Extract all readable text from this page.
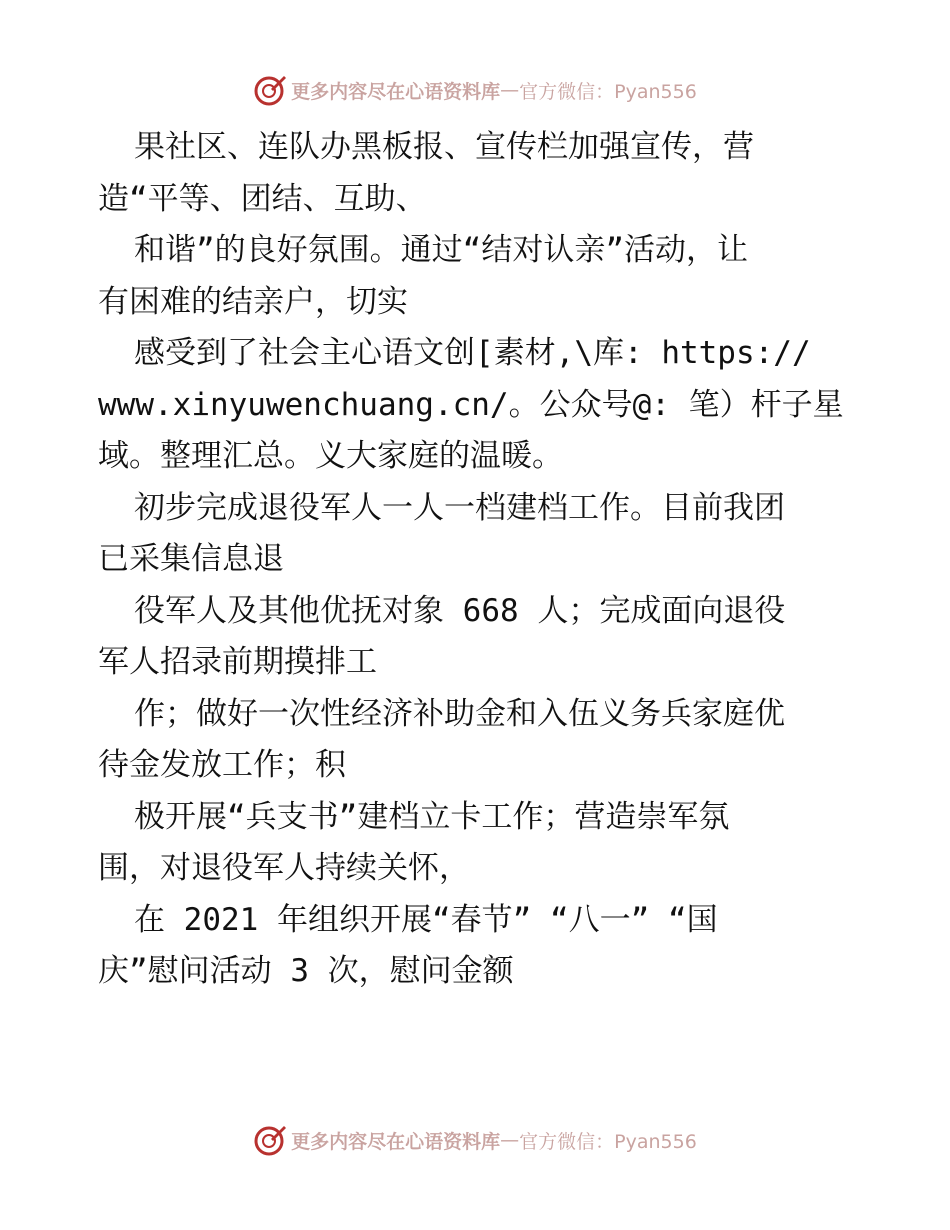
更多内容尽在心语资料库 — 官方微信：Pyan556
果社区、连队办黑板报、宣传栏加强宣传，营
造“平等、团结、互助、
和谐”的良好氛围。通过“结对认亲”活动，让
有困难的结亲户，切实
感受到了社会主心语文创[素材,\库: https://
www.xinyuwenchuang.cn/。公众号@: 笔）杆子星
域。整理汇总。义大家庭的温暖。
初步完成退役军人一人一档建档工作。目前我团
已采集信息退
役军人及其他优抚对象 668 人；完成面向退役
军人招录前期摸排工
作；做好一次性经济补助金和入伍义务兵家庭优
待金发放工作；积
极开展“兵支书”建档立卡工作；营造崇军氛
围，对退役军人持续关怀，
在 2021 年组织开展“春节” “八一” “国
庆”慰问活动 3 次，慰问金额
更多内容尽在心语资料库 — 官方微信：Pyan556
